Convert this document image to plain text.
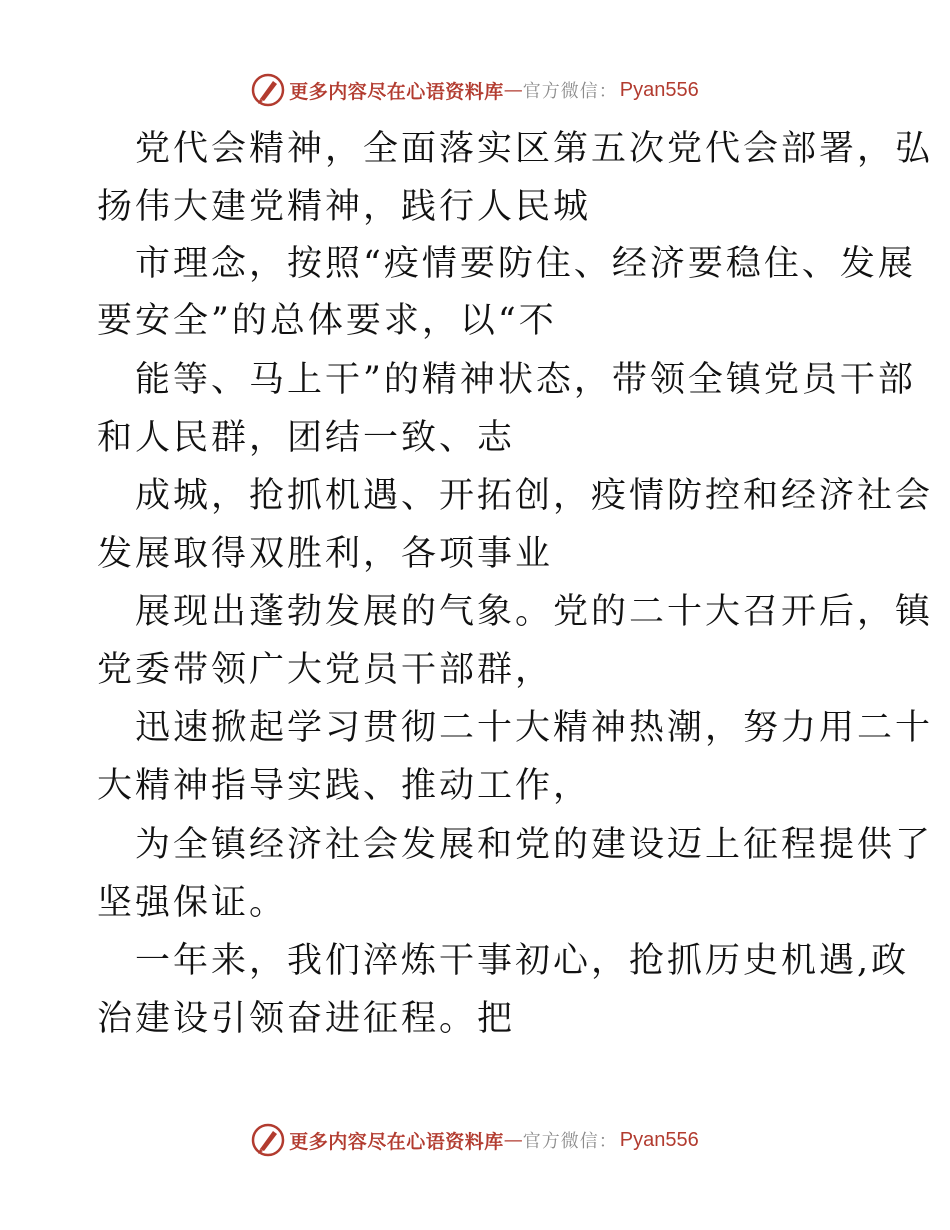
更多内容尽在心语资料库 — 官方微信： Pyan556
党代会精神，全面落实区第五次党代会部署，弘
扬伟大建党精神，践行人民城
市理念，按照“疫情要防住、经济要稳住、发展
要安全”的总体要求，以“不
能等、马上干”的精神状态，带领全镇党员干部
和人民群，团结一致、志
成城，抢抓机遇、开拓创，疫情防控和经济社会
发展取得双胜利，各项事业
展现出蓬勃发展的气象。党的二十大召开后，镇
党委带领广大党员干部群，
迅速掀起学习贯彻二十大精神热潮，努力用二十
大精神指导实践、推动工作，
为全镇经济社会发展和党的建设迈上征程提供了
坚强保证。
一年来，我们淬炼干事初心，抢抓历史机遇,政
治建设引领奋进征程。把
更多内容尽在心语资料库 — 官方微信： Pyan556
